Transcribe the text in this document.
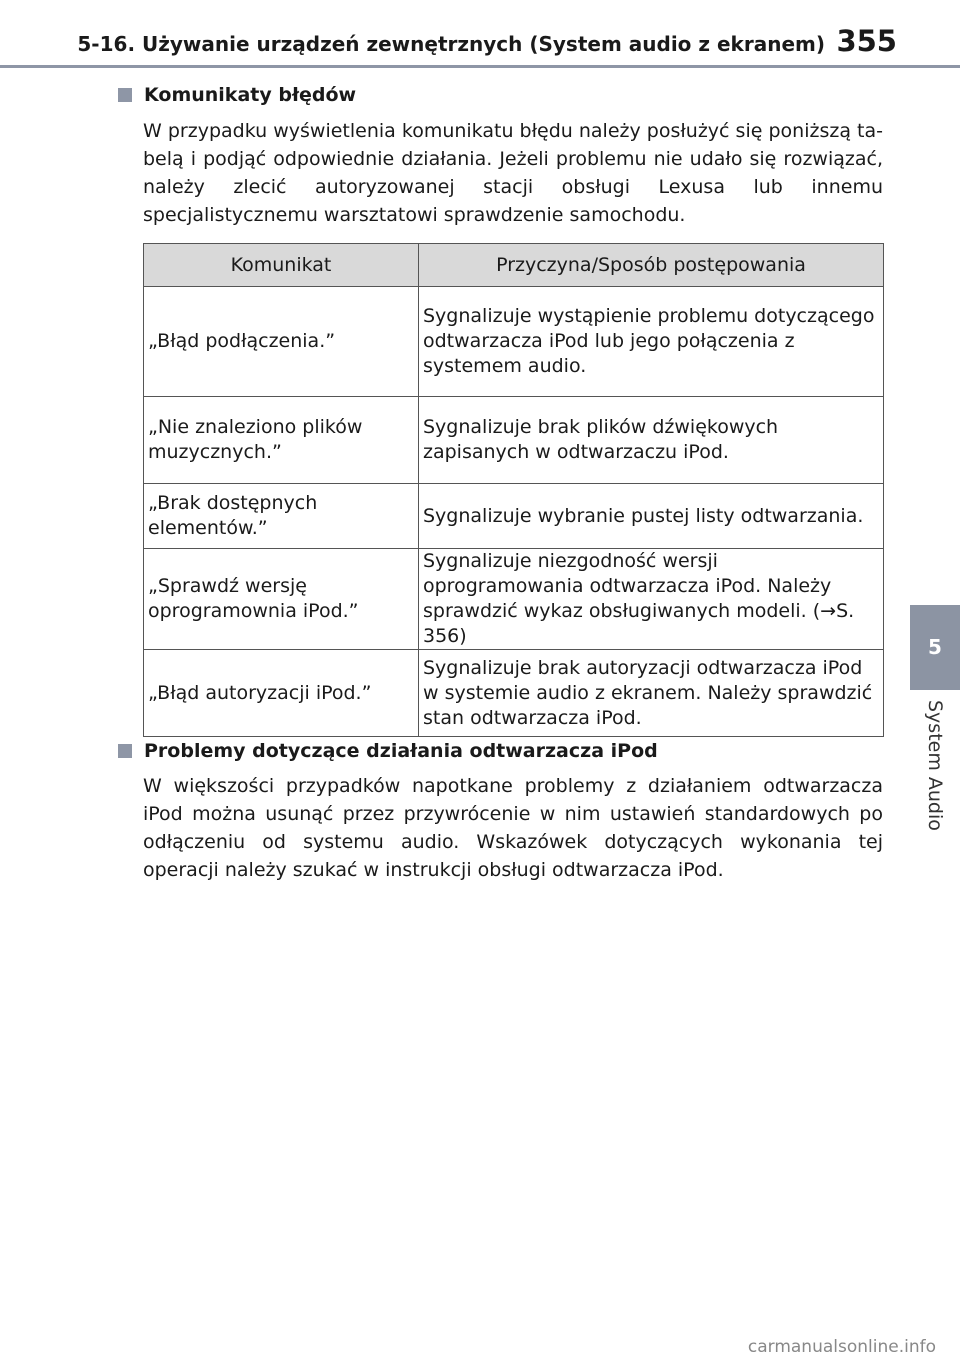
5-16. Używanie urządzeń zewnętrznych (System audio z ekranem) 355
5
System Audio
Komunikaty błędów
W przypadku wyświetlenia komunikatu błędu należy posłużyć się poniższą ta-belą i podjąć odpowiednie działania. Jeżeli problemu nie udało się rozwiązać, należy zlecić autoryzowanej stacji obsługi Lexusa lub innemu specjalistycznemu warsztatowi sprawdzenie samochodu.
Komunikat	Przyczyna/Sposób postępowania
„Błąd podłączenia.”	Sygnalizuje wystąpienie problemu dotyczącego odtwarzacza iPod lub jego połączenia z systemem audio.
„Nie znaleziono plików muzycznych.”	Sygnalizuje brak plików dźwiękowych zapisanych w odtwarzaczu iPod.
„Brak dostępnych elementów.”	Sygnalizuje wybranie pustej listy odtwarzania.
„Sprawdź wersję oprogramownia iPod.”	Sygnalizuje niezgodność wersji oprogramowania odtwarzacza iPod. Należy sprawdzić wykaz obsługiwanych modeli. (→S. 356)
„Błąd autoryzacji iPod.”	Sygnalizuje brak autoryzacji odtwarzacza iPod w systemie audio z ekranem. Należy sprawdzić stan odtwarzacza iPod.
Problemy dotyczące działania odtwarzacza iPod
W większości przypadków napotkane problemy z działaniem odtwarzacza iPod można usunąć przez przywrócenie w nim ustawień standardowych po odłączeniu od systemu audio. Wskazówek dotyczących wykonania tej operacji należy szukać w instrukcji obsługi odtwarzacza iPod.
carmanualsonline.info
